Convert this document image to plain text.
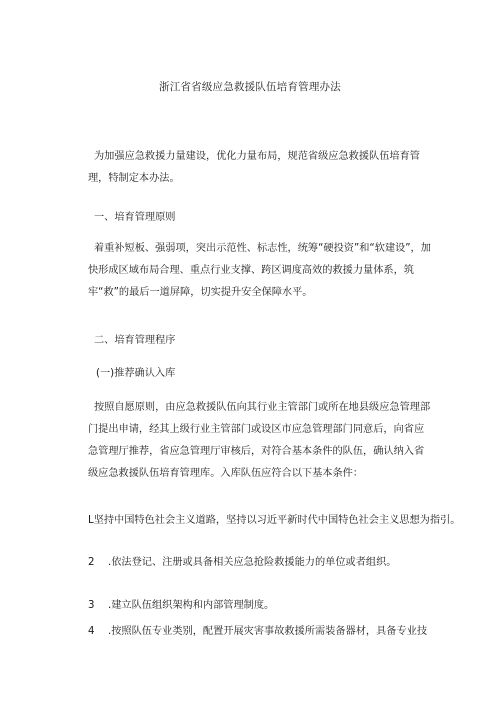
浙江省省级应急救援队伍培育管理办法

为加强应急救援力量建设，优化力量布局，规范省级应急救援队伍培育管理，特制定本办法。

一、培育管理原则

着重补短板、强弱项，突出示范性、标志性，统筹“硬投资”和“软建设”，加快形成区域布局合理、重点行业支撑、跨区调度高效的救援力量体系，筑牢“救”的最后一道屏障，切实提升安全保障水平。

二、培育管理程序
(一)推荐确认入库

按照自愿原则，由应急救援队伍向其行业主管部门或所在地县级应急管理部门提出申请，经其上级行业主管部门或设区市应急管理部门同意后，向省应急管理厅推荐，省应急管理厅审核后，对符合基本条件的队伍，确认纳入省级应急救援队伍培育管理库。入库队伍应符合以下基本条件：

L坚持中国特色社会主义道路，坚持以习近平新时代中国特色社会主义思想为指引。
2 .依法登记、注册或具备相关应急抢险救援能力的单位或者组织。
3 .建立队伍组织架构和内部管理制度。
4 .按照队伍专业类别，配置开展灾害事故救援所需装备器材，具备专业技
